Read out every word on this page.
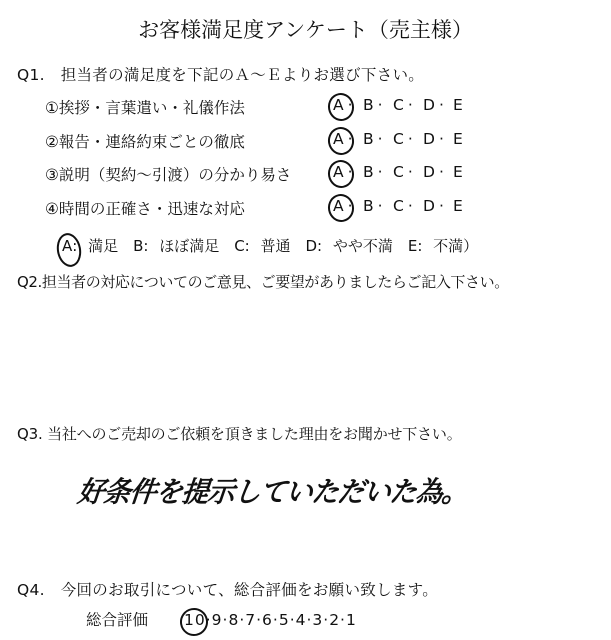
お客様満足度アンケート（売主様）
Q1.　担当者の満足度を下記のＡ～Ｅよりお選び下さい。
①挨拶・言葉遣い・礼儀作法
②報告・連絡約束ごとの徹底
③説明（契約～引渡）の分かり易さ
④時間の正確さ・迅速な対応
A · B · C · D · E
A · B · C · D · E
A · B · C · D · E
A · B · C · D · E
A: 満足　B: ほぼ満足　C: 普通　D: やや不満　E: 不満）
Q2.担当者の対応についてのご意見、ご要望がありましたらご記入下さい。
Q3. 当社へのご売却のご依頼を頂きました理由をお聞かせ下さい。
好条件を提示していただいた為。
Q4.　今回のお取引について、総合評価をお願い致します。
総合評価 10·9·8·7·6·5·4·3·2·1
